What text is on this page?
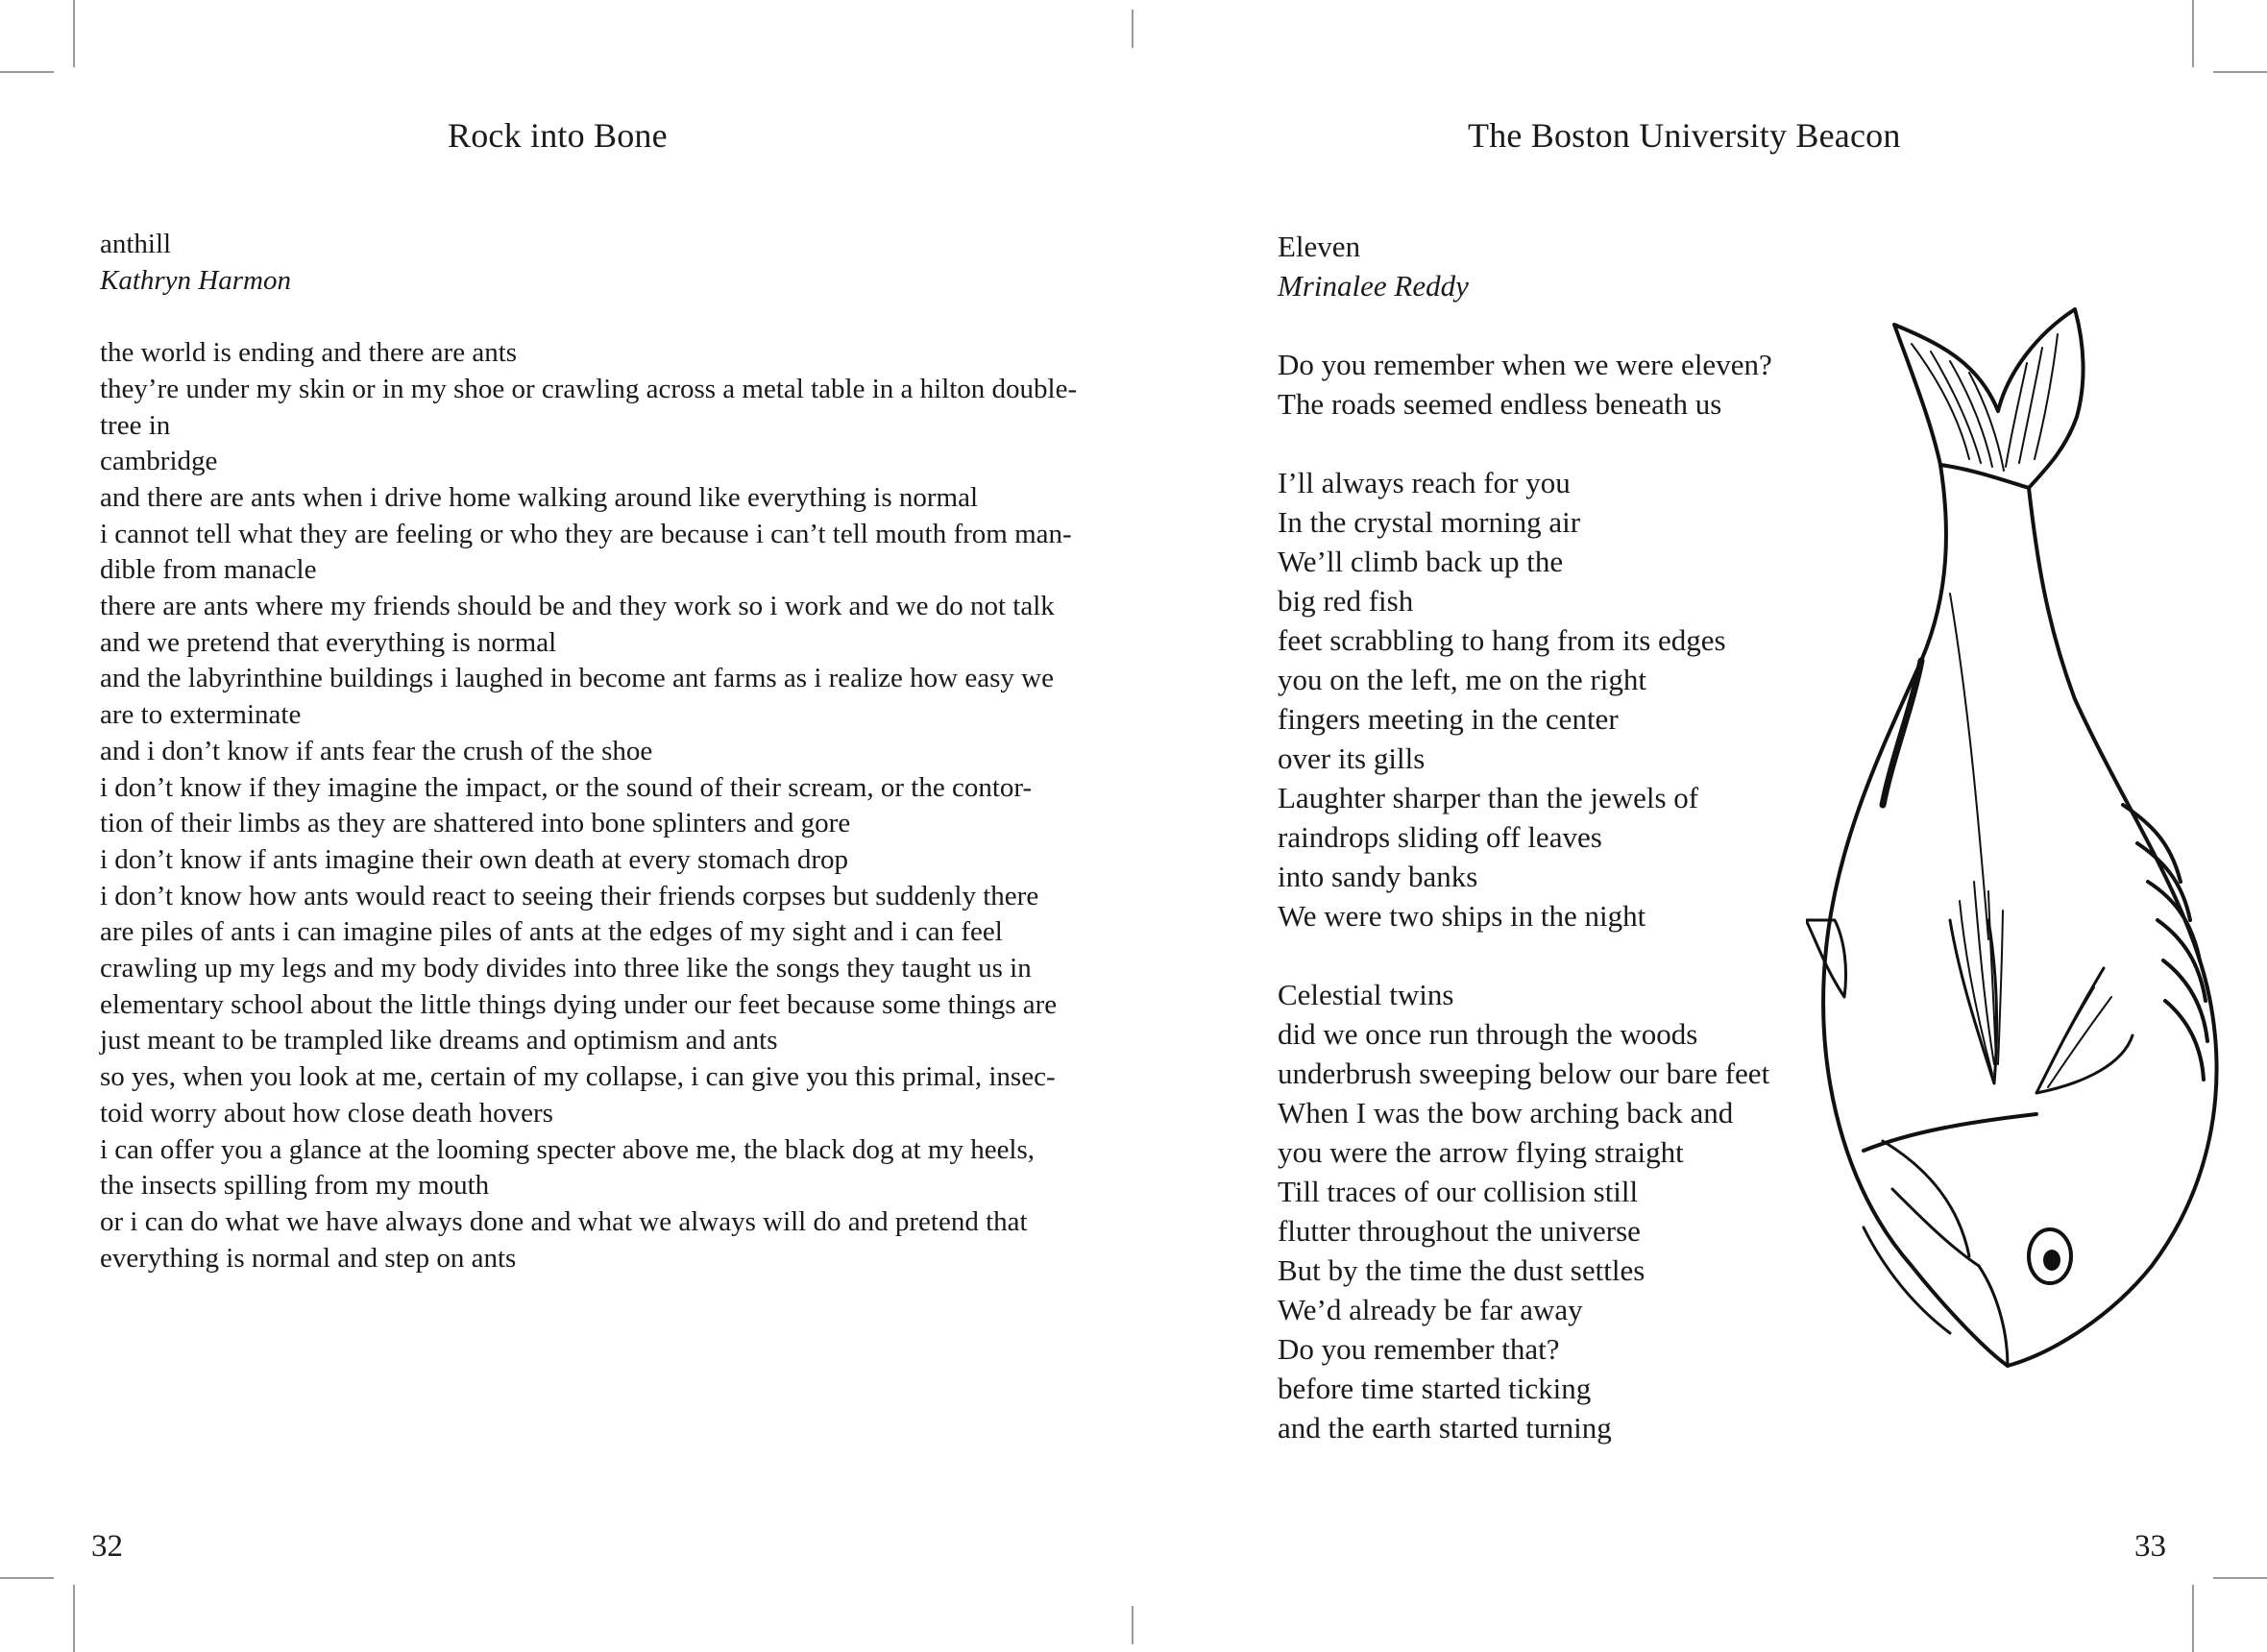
Rock into Bone
anthill
Kathryn Harmon
the world is ending and there are ants
they’re under my skin or in my shoe or crawling across a metal table in a hilton double-
tree in
cambridge
and there are ants when i drive home walking around like everything is normal
i cannot tell what they are feeling or who they are because i can’t tell mouth from man-
dible from manacle
there are ants where my friends should be and they work so i work and we do not talk
and we pretend that everything is normal
and the labyrinthine buildings i laughed in become ant farms as i realize how easy we
are to exterminate
and i don’t know if ants fear the crush of the shoe
i don’t know if they imagine the impact, or the sound of their scream, or the contor-
tion of their limbs as they are shattered into bone splinters and gore
i don’t know if ants imagine their own death at every stomach drop
i don’t know how ants would react to seeing their friends corpses but suddenly there
are piles of ants i can imagine piles of ants at the edges of my sight and i can feel
crawling up my legs and my body divides into three like the songs they taught us in
elementary school about the little things dying under our feet because some things are
just meant to be trampled like dreams and optimism and ants
so yes, when you look at me, certain of my collapse, i can give you this primal, insec-
toid worry about how close death hovers
i can offer you a glance at the looming specter above me, the black dog at my heels,
the insects spilling from my mouth
or i can do what we have always done and what we always will do and pretend that
everything is normal and step on ants
32
The Boston University Beacon
Eleven
Mrinalee Reddy
Do you remember when we were eleven?
The roads seemed endless beneath us
I’ll always reach for you
In the crystal morning air
We’ll climb back up the
big red fish
feet scrabbling to hang from its edges
you on the left, me on the right
fingers meeting in the center
over its gills
Laughter sharper than the jewels of
raindrops sliding off leaves
into sandy banks
We were two ships in the night
Celestial twins
did we once run through the woods
underbrush sweeping below our bare feet
When I was the bow arching back and
you were the arrow flying straight
Till traces of our collision still
flutter throughout the universe
But by the time the dust settles
We’d already be far away
Do you remember that?
before time started ticking
and the earth started turning
33
